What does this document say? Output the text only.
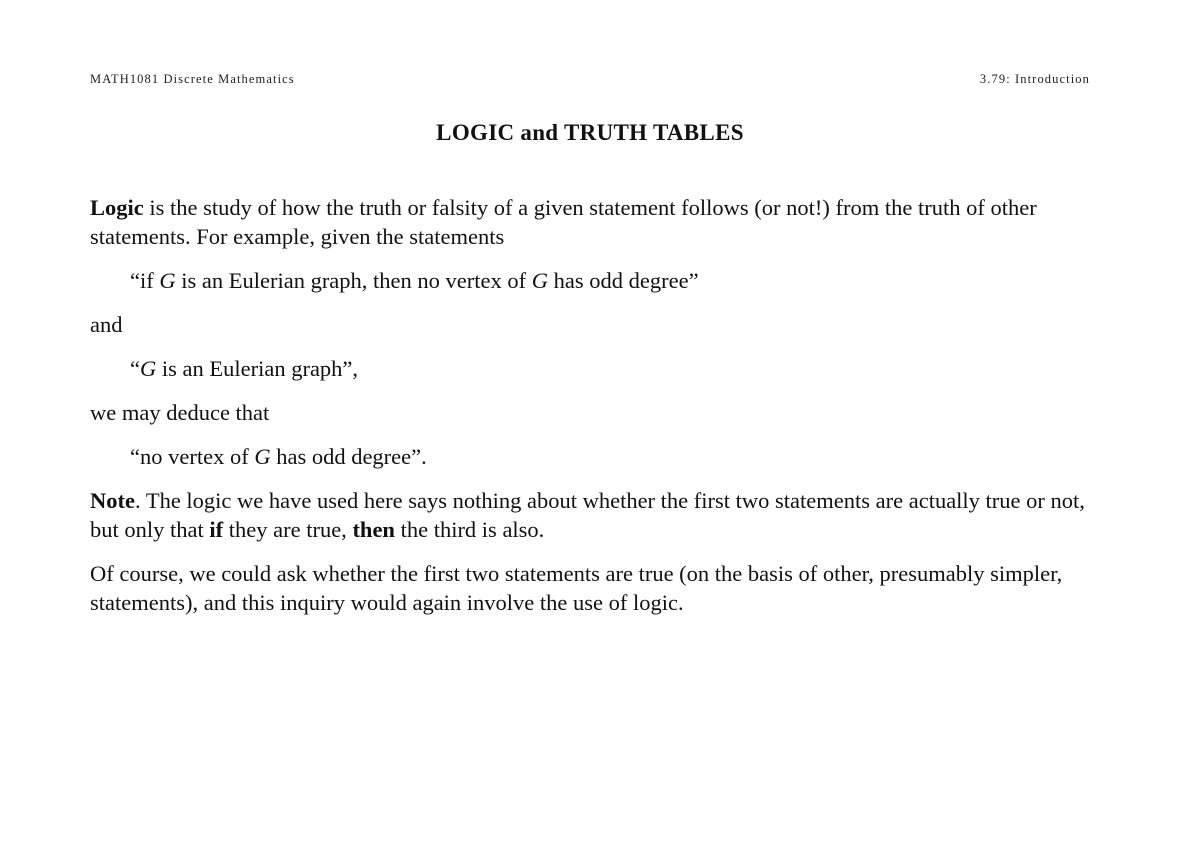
MATH1081 Discrete Mathematics	3.79: Introduction
LOGIC and TRUTH TABLES

Logic is the study of how the truth or falsity of a given statement follows (or not!) from the truth of other statements. For example, given the statements

“if G is an Eulerian graph, then no vertex of G has odd degree”

and

“G is an Eulerian graph”,

we may deduce that

“no vertex of G has odd degree”.

Note. The logic we have used here says nothing about whether the first two statements are actually true or not, but only that if they are true, then the third is also.

Of course, we could ask whether the first two statements are true (on the basis of other, presumably simpler, statements), and this inquiry would again involve the use of logic.
